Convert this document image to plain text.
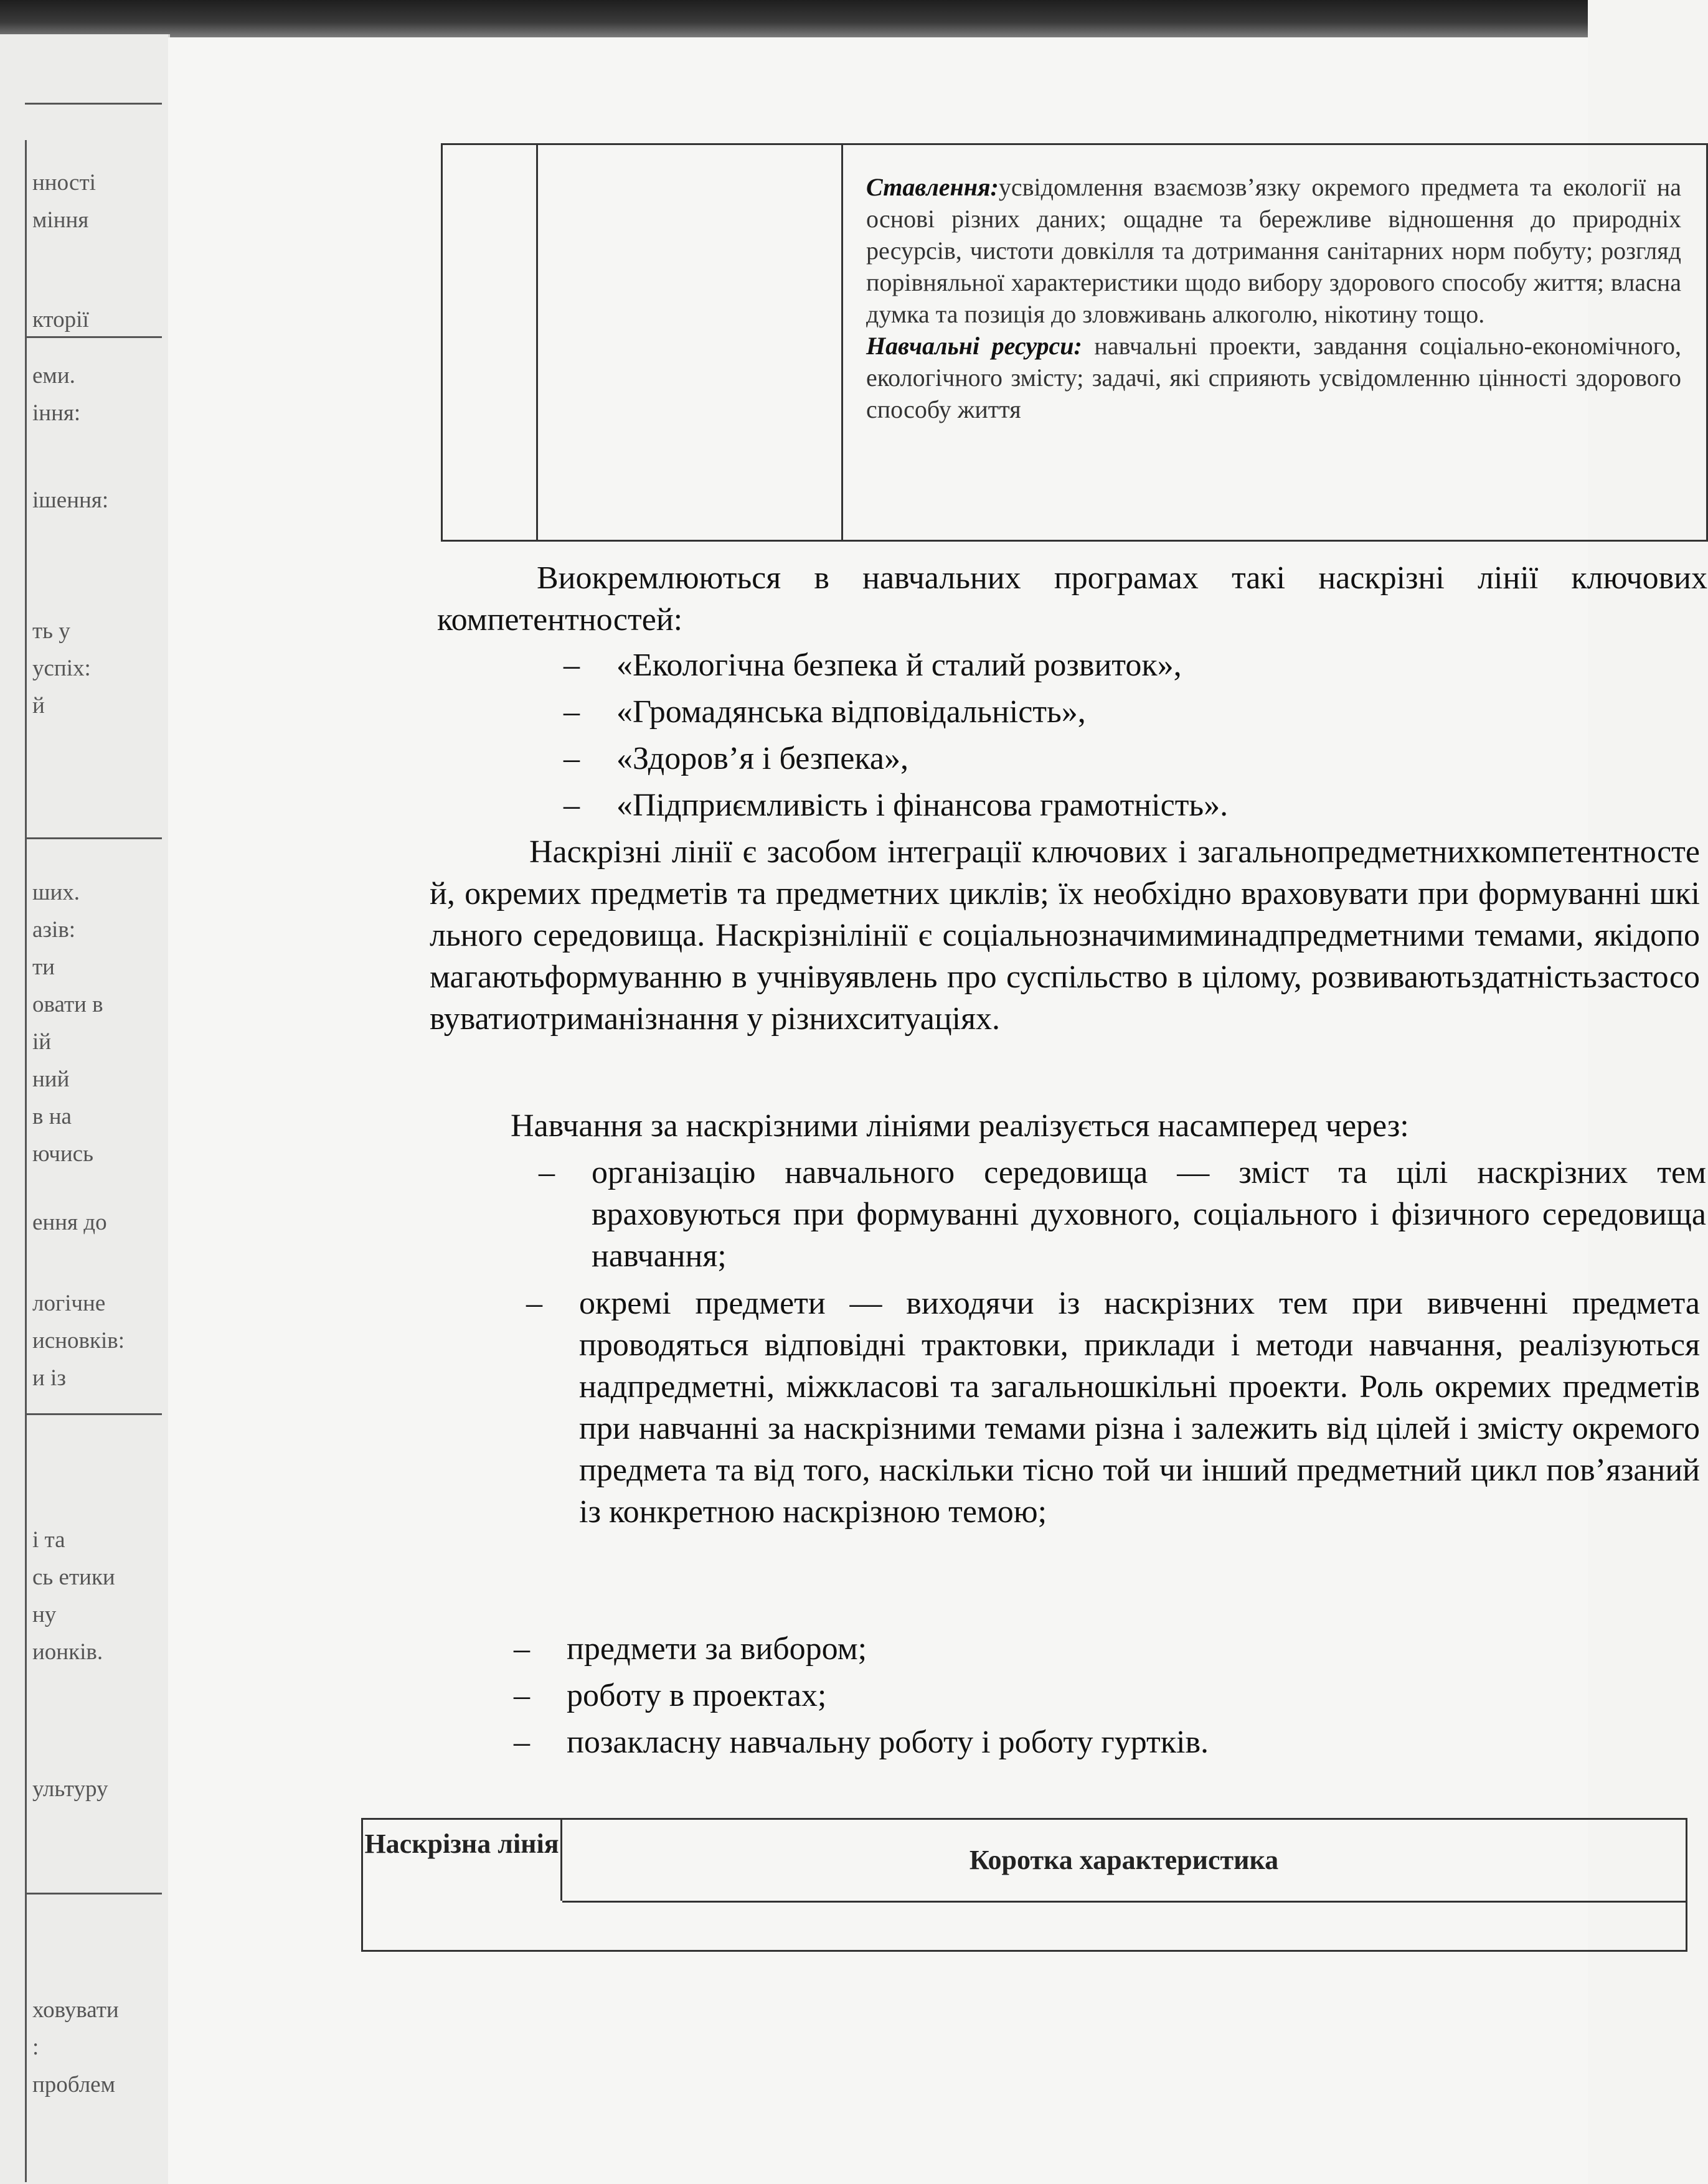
нності
міння
кторії
еми.
іння:
ішення:
ть у
успіх:
й
ших.
азів:
ти
овати в
ій
ний
в на
ючись
ення до
логічне
исновків:
и із
і та
сь етики
ну
ионків.
ультуру
ховувати
:
проблем
Ставлення:усвідомлення взаємозв’язку окремого предмета та екології на основі різних даних; ощадне та бережливе відношення до природніх ресурсів, чистоти довкілля та дотримання санітарних норм побуту; розгляд порівняльної характеристики щодо вибору здорового способу життя; власна думка та позиція до зловживань алкоголю, нікотину тощо.
Навчальні ресурси: навчальні проекти, завдання соціально-економічного, екологічного змісту; задачі, які сприяють усвідомленню цінності здорового способу життя
Виокремлюються в навчальних програмах такі наскрізні лінії ключових компетентностей:
– «Екологічна безпека й сталий розвиток»,
– «Громадянська відповідальність»,
– «Здоров’я і безпека»,
– «Підприємливість і фінансова грамотність».
Наскрізні лінії є засобом інтеграції ключових і загальнопредметнихкомпетентностей, окремих предметів та предметних циклів; їх необхідно враховувати при формуванні шкільного середовища. Наскрізнілінії є соціальнозначимиминадпредметними темами, якідопомагаютьформуванню в учнівуявлень про суспільство в цілому, розвиваютьздатністьзастосовуватиотриманізнання у різнихситуаціях.
Навчання за наскрізними лініями реалізується насамперед через:
– організацію навчального середовища — зміст та цілі наскрізних тем враховуються при формуванні духовного, соціального і фізичного середовища навчання;
– окремі предмети — виходячи із наскрізних тем при вивченні предмета проводяться відповідні трактовки, приклади і методи навчання, реалізуються надпредметні, міжкласові та загальношкільні проекти. Роль окремих предметів при навчанні за наскрізними темами різна і залежить від цілей і змісту окремого предмета та від того, наскільки тісно той чи інший предметний цикл пов’язаний із конкретною наскрізною темою;
– предмети за вибором;
– роботу в проектах;
– позакласну навчальну роботу і роботу гуртків.
Наскрізна лінія
Коротка характеристика
